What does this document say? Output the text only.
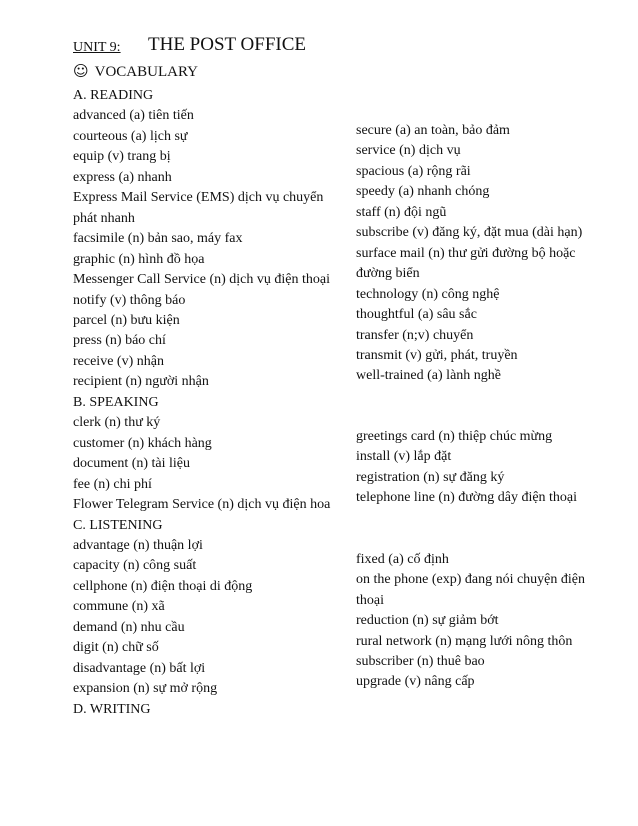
UNIT 9: THE POST OFFICE
☺ VOCABULARY
A. READING
advanced (a) tiên tiến
courteous (a) lịch sự
equip (v) trang bị
express (a) nhanh
Express Mail Service (EMS) dịch vụ chuyển phát nhanh
facsimile (n) bản sao, máy fax
graphic (n) hình đồ họa
Messenger Call Service (n) dịch vụ điện thoại
notify (v) thông báo
parcel (n) bưu kiện
press (n) báo chí
receive (v) nhận
recipient (n) người nhận
B. SPEAKING
clerk (n) thư ký
customer (n) khách hàng
document (n) tài liệu
fee (n) chi phí
Flower Telegram Service (n) dịch vụ điện hoa
C. LISTENING
advantage (n) thuận lợi
capacity (n) công suất
cellphone (n) điện thoại di động
commune (n) xã
demand (n) nhu cầu
digit (n) chữ số
disadvantage (n) bất lợi
expansion (n) sự mở rộng
D. WRITING
secure (a) an toàn, bảo đảm
service (n) dịch vụ
spacious (a) rộng rãi
speedy (a) nhanh chóng
staff (n) đội ngũ
subscribe (v) đăng ký, đặt mua (dài hạn)
surface mail (n) thư gửi đường bộ hoặc đường biển
technology (n) công nghệ
thoughtful (a) sâu sắc
transfer (n;v) chuyển
transmit (v) gửi, phát, truyền
well-trained (a) lành nghề
greetings card (n) thiệp chúc mừng
install (v) lắp đặt
registration (n) sự đăng ký
telephone line (n) đường dây điện thoại
fixed (a) cố định
on the phone (exp) đang nói chuyện điện thoại
reduction (n) sự giảm bớt
rural network (n) mạng lưới nông thôn
subscriber (n) thuê bao
upgrade (v) nâng cấp
